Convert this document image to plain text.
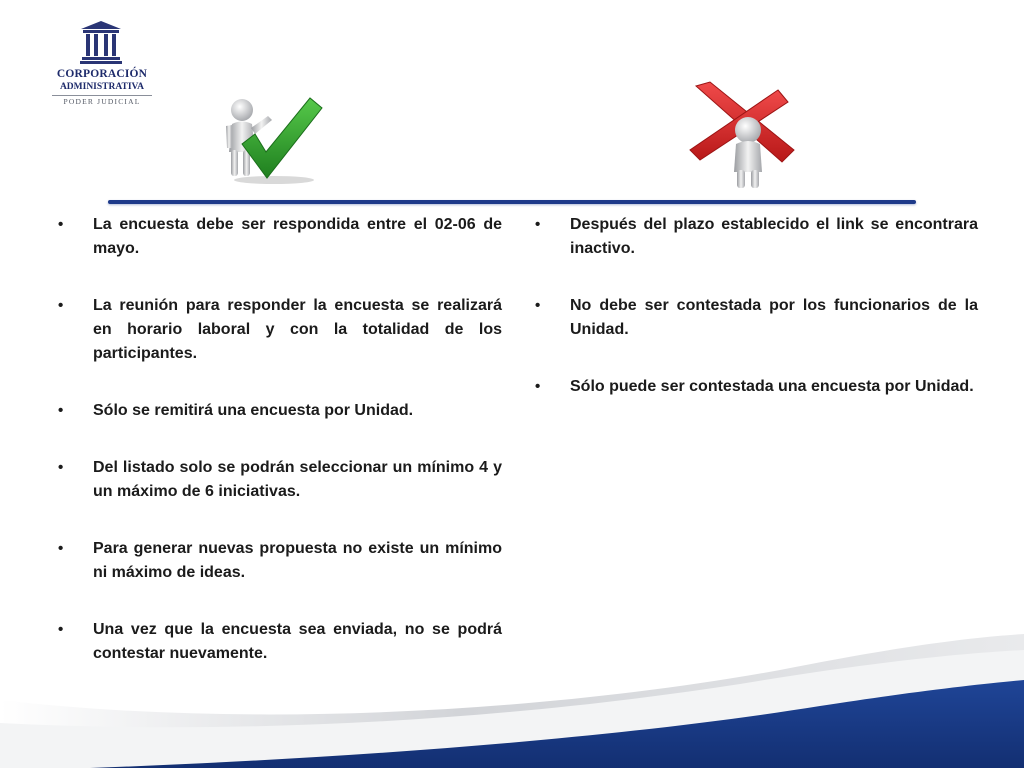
CORPORACIÓN
ADMINISTRATIVA
PODER JUDICIAL
• La encuesta debe ser respondida entre el 02-06 de mayo.
• La reunión para responder la encuesta se realizará en horario laboral y con la totalidad de los participantes.
• Sólo se remitirá una encuesta por Unidad.
• Del listado solo se podrán seleccionar un mínimo 4 y un máximo de 6 iniciativas.
• Para generar nuevas propuesta no existe un mínimo ni máximo de ideas.
• Una vez que la encuesta sea enviada, no se podrá contestar nuevamente.
• Después del plazo establecido el link se encontrara inactivo.
• No debe ser contestada por los funcionarios de la Unidad.
• Sólo puede ser contestada una encuesta por Unidad.
